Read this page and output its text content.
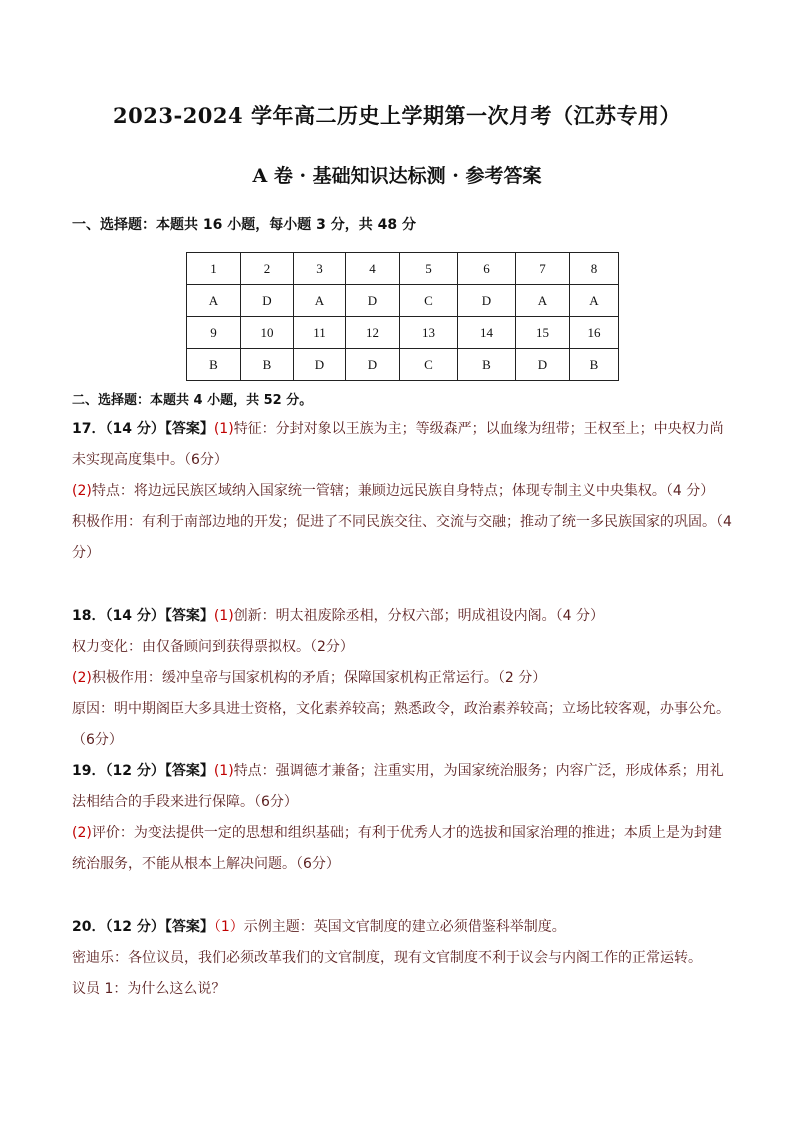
2023-2024 学年高二历史上学期第一次月考（江苏专用）
A 卷 · 基础知识达标测 · 参考答案
一、选择题：本题共 16 小题，每小题 3 分，共 48 分
1	2	3	4	5	6	7	8
A	D	A	D	C	D	A	A
9	10	11	12	13	14	15	16
B	B	D	D	C	B	D	B
二、选择题：本题共 4 小题，共 52 分。
17．（14 分）【答案】(1)特征：分封对象以王族为主；等级森严；以血缘为纽带；王权至上；中央权力尚未实现高度集中。（6分）
(2)特点：将边远民族区域纳入国家统一管辖；兼顾边远民族自身特点；体现专制主义中央集权。（4 分）
积极作用：有利于南部边地的开发；促进了不同民族交往、交流与交融；推动了统一多民族国家的巩固。（4分）
18．（14 分）【答案】(1)创新：明太祖废除丞相，分权六部；明成祖设内阁。（4 分）
权力变化：由仅备顾问到获得票拟权。（2分）
(2)积极作用：缓冲皇帝与国家机构的矛盾；保障国家机构正常运行。（2 分）
原因：明中期阁臣大多具进士资格，文化素养较高；熟悉政令，政治素养较高；立场比较客观，办事公允。（6分）
19．（12 分）【答案】(1)特点：强调德才兼备；注重实用，为国家统治服务；内容广泛，形成体系；用礼法相结合的手段来进行保障。（6分）
(2)评价：为变法提供一定的思想和组织基础；有利于优秀人才的选拔和国家治理的推进；本质上是为封建统治服务，不能从根本上解决问题。（6分）
20．（12 分）【答案】（1）示例主题：英国文官制度的建立必须借鉴科举制度。
密迪乐：各位议员，我们必须改革我们的文官制度，现有文官制度不利于议会与内阁工作的正常运转。
议员 1：为什么这么说？
